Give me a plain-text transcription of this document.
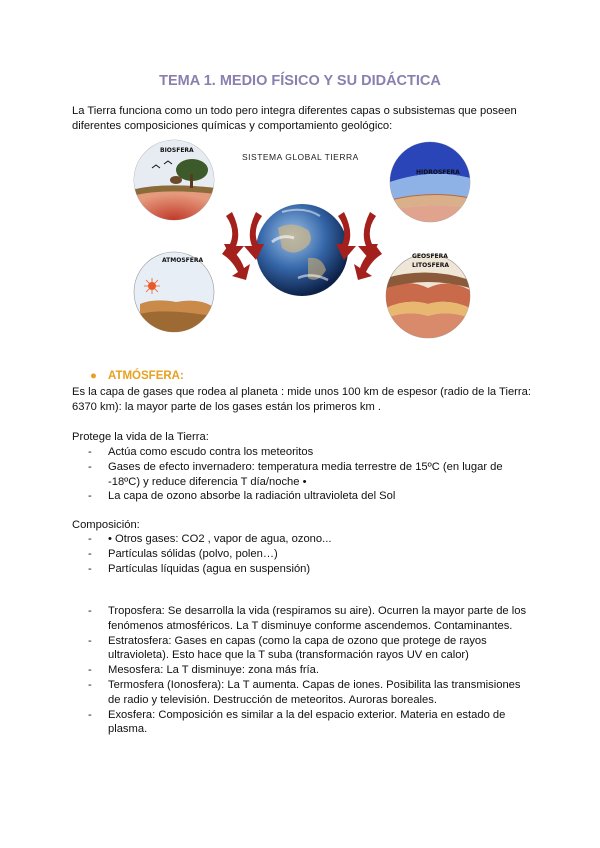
TEMA 1. MEDIO FÍSICO Y SU DIDÁCTICA
La Tierra funciona como un todo pero integra diferentes capas o subsistemas que poseen
diferentes composiciones químicas y comportamiento geológico:
SISTEMA GLOBAL TIERRA
BIOSFERA
HIDROSFERA
ATMOSFERA
GEOSFERA
LITOSFERA
● ATMÓSFERA:
Es la capa de gases que rodea al planeta : mide unos 100 km de espesor (radio de la Tierra:
6370 km): la mayor parte de los gases están los primeros km .
Protege la vida de la Tierra:
- Actúa como escudo contra los meteoritos
- Gases de efecto invernadero: temperatura media terrestre de 15ºC (en lugar de
-18ºC) y reduce diferencia T día/noche •
- La capa de ozono absorbe la radiación ultravioleta del Sol
Composición:
- • Otros gases: CO2 , vapor de agua, ozono...
- Partículas sólidas (polvo, polen…)
- Partículas líquidas (agua en suspensión)
- Troposfera: Se desarrolla la vida (respiramos su aire). Ocurren la mayor parte de los
fenómenos atmosféricos. La T disminuye conforme ascendemos. Contaminantes.
- Estratosfera: Gases en capas (como la capa de ozono que protege de rayos
ultravioleta). Esto hace que la T suba (transformación rayos UV en calor)
- Mesosfera: La T disminuye: zona más fría.
- Termosfera (Ionosfera): La T aumenta. Capas de iones. Posibilita las transmisiones
de radio y televisión. Destrucción de meteoritos. Auroras boreales.
- Exosfera: Composición es similar a la del espacio exterior. Materia en estado de
plasma.
